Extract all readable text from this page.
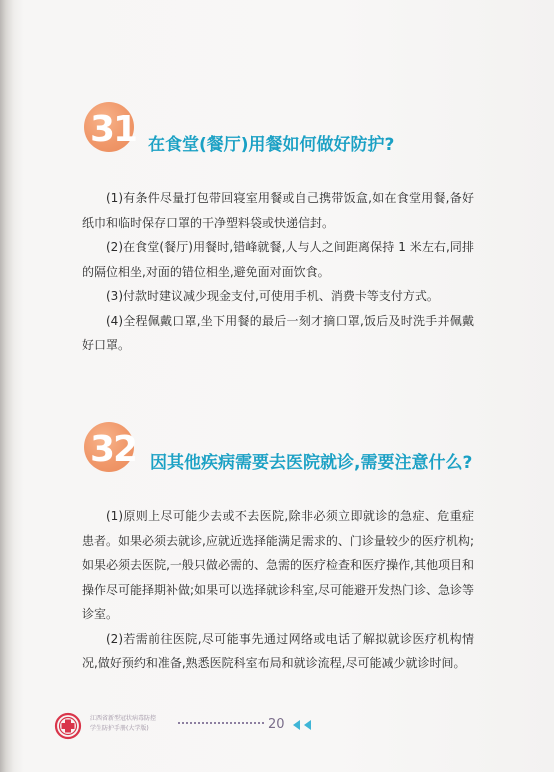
31 在食堂(餐厅)用餐如何做好防护?

(1)有条件尽量打包带回寝室用餐或自己携带饭盒,如在食堂用餐,备好纸巾和临时保存口罩的干净塑料袋或快递信封。

(2)在食堂(餐厅)用餐时,错峰就餐,人与人之间距离保持 1 米左右,同排的隔位相坐,对面的错位相坐,避免面对面饮食。

(3)付款时建议减少现金支付,可使用手机、消费卡等支付方式。

(4)全程佩戴口罩,坐下用餐的最后一刻才摘口罩,饭后及时洗手并佩戴好口罩。

32 因其他疾病需要去医院就诊,需要注意什么?

(1)原则上尽可能少去或不去医院,除非必须立即就诊的急症、危重症患者。如果必须去就诊,应就近选择能满足需求的、门诊量较少的医疗机构;如果必须去医院,一般只做必需的、急需的医疗检查和医疗操作,其他项目和操作尽可能择期补做;如果可以选择就诊科室,尽可能避开发热门诊、急诊等诊室。

(2)若需前往医院,尽可能事先通过网络或电话了解拟就诊医疗机构情况,做好预约和准备,熟悉医院科室布局和就诊流程,尽可能减少就诊时间。

江西省新型冠状病毒防控
学生防护手册(大学版)	20
